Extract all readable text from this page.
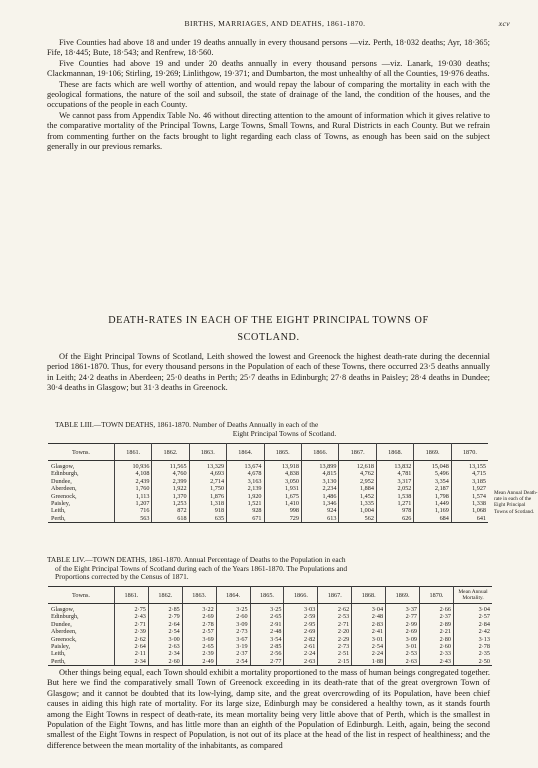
BIRTHS, MARRIAGES, AND DEATHS, 1861-1870.	xcv

Five Counties had above 18 and under 19 deaths annually in every thousand persons —viz. Perth, 18·032 deaths; Ayr, 18·365; Fife, 18·445; Bute, 18·543; and Renfrew, 18·560.

Five Counties had above 19 and under 20 deaths annually in every thousand persons —viz. Lanark, 19·030 deaths; Clackmannan, 19·106; Stirling, 19·269; Linlithgow, 19·371; and Dumbarton, the most unhealthy of all the Counties, 19·976 deaths.

These are facts which are well worthy of attention, and would repay the labour of comparing the mortality in each with the geological formations, the nature of the soil and subsoil, the state of drainage of the land, the condition of the houses, and the occupations of the people in each County.

We cannot pass from Appendix Table No. 46 without directing attention to the amount of information which it gives relative to the comparative mortality of the Principal Towns, Large Towns, Small Towns, and Rural Districts in each County. But we refrain from commenting further on the facts brought to light regarding each class of Towns, as enough has been said on the subject generally in our previous remarks.

DEATH-RATES IN EACH OF THE EIGHT PRINCIPAL TOWNS OF
SCOTLAND.

Of the Eight Principal Towns of Scotland, Leith showed the lowest and Greenock the highest death-rate during the decennial period 1861-1870. Thus, for every thousand persons in the Population of each of these Towns, there occurred 23·5 deaths annually in Leith; 24·2 deaths in Aberdeen; 25·0 deaths in Perth; 25·7 deaths in Edinburgh; 27·8 deaths in Paisley; 28·4 deaths in Dundee; 30·4 deaths in Glasgow; but 31·3 deaths in Greenock.

TABLE LIII.—TOWN DEATHS, 1861-1870. Number of Deaths Annually in each of the
Eight Principal Towns of Scotland.
Towns.	1861.	1862.	1863.	1864.	1865.	1866.	1867.	1868.	1869.	1870.
Glasgow,	10,936	11,565	13,329	13,674	13,918	13,899	12,618	13,832	15,048	13,155
Edinburgh,	4,108	4,760	4,693	4,678	4,838	4,815	4,762	4,781	5,496	4,715
Dundee,	2,439	2,399	2,714	3,163	3,050	3,130	2,952	3,317	3,354	3,185
Aberdeen,	1,760	1,922	1,750	2,139	1,931	2,234	1,884	2,052	2,187	1,927
Greenock,	1,113	1,370	1,876	1,920	1,675	1,486	1,452	1,538	1,798	1,574
Paisley,	1,207	1,253	1,318	1,521	1,410	1,346	1,335	1,271	1,449	1,338
Leith,	716	872	918	928	998	924	1,004	978	1,169	1,068
Perth,	563	618	635	671	729	613	562	626	684	641
TABLE LIV.—TOWN DEATHS, 1861-1870. Annual Percentage of Deaths to the Population in each
of the Eight Principal Towns of Scotland during each of the Years 1861-1870. The Populations and
Proportions corrected by the Census of 1871.
Towns.	1861.	1862.	1863.	1864.	1865.	1866.	1867.	1868.	1869.	1870.	Mean Annual Mortality.
Glasgow,	2·75	2·85	3·22	3·25	3·25	3·03	2·62	3·04	3·37	2·66	3·04
Edinburgh,	2·43	2·79	2·69	2·60	2·65	2·59	2·53	2·48	2·77	2·37	2·57
Dundee,	2·71	2·64	2·78	3·09	2·91	2·95	2·71	2·83	2·99	2·89	2·84
Aberdeen,	2·39	2·54	2·57	2·73	2·48	2·69	2·20	2·41	2·69	2·21	2·42
Greenock,	2·62	3·00	3·69	3·67	3·54	2·82	2·29	3·01	3·09	2·80	3·13
Paisley,	2·64	2·63	2·65	3·19	2·85	2·61	2·73	2·54	3·01	2·60	2·78
Leith,	2·11	2·34	2·39	2·37	2·56	2·24	2·51	2·24	2·53	2·33	2·35
Perth,	2·34	2·60	2·49	2·54	2·77	2·63	2·15	1·88	2·63	2·43	2·50
Mean Annual Death-rate in each of the Eight Principal Towns of Scotland.

Other things being equal, each Town should exhibit a mortality proportioned to the mass of human beings congregated together. But here we find the comparatively small Town of Greenock exceeding in its death-rate that of the great overgrown Town of Glasgow; and it cannot be doubted that its low-lying, damp site, and the great overcrowding of its Population, have been chief causes in aiding this high rate of mortality. For its large size, Edinburgh may be considered a healthy town, as it stands fourth among the Eight Towns in respect of death-rate, its mean mortality being very little above that of Perth, which is the smallest in Population of the Eight Towns, and has little more than an eighth of the Population of Edinburgh. Leith, again, being the second smallest of the Eight Towns in respect of Population, is not out of its place at the head of the list in respect of healthiness; and the difference between the mean mortality of the inhabitants, as compared
